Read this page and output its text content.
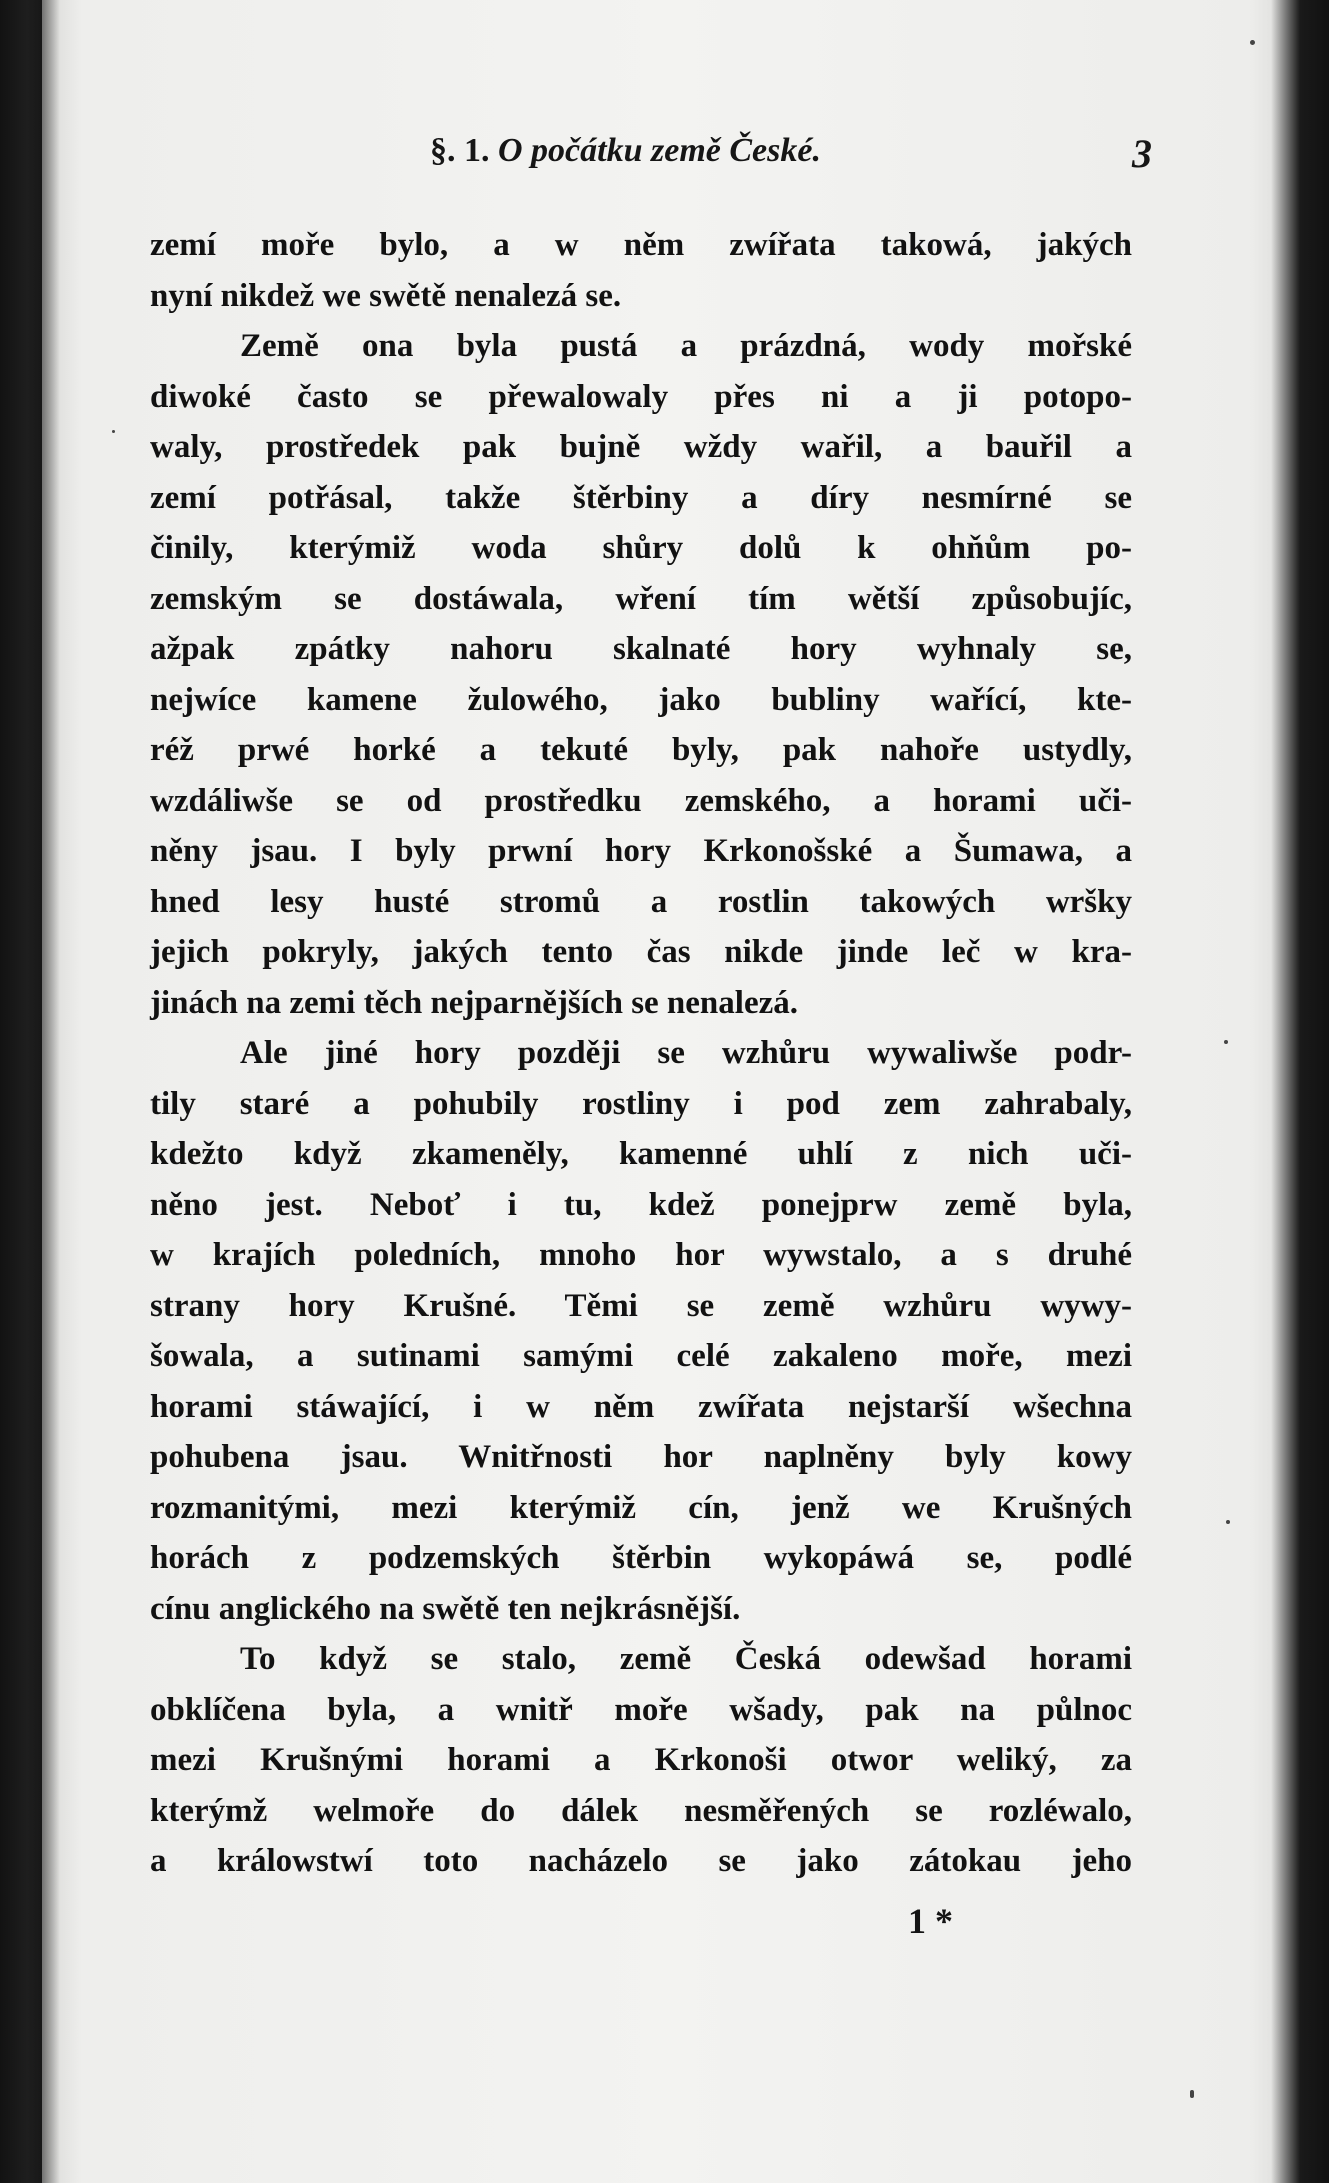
§. 1. O počátku země České.	3
zemí moře bylo, a w něm zwířata takowá, jakých
nyní nikdež we swětě nenalezá se.
Země ona byla pustá a prázdná, wody mořské
diwoké často se přewalowaly přes ni a ji potopo-
waly, prostředek pak bujně wždy wařil, a bauřil a
zemí potřásal, takže štěrbiny a díry nesmírné se
činily, kterýmiž woda shůry dolů k ohňům po-
zemským se dostáwala, wření tím wětší způsobujíc,
ažpak zpátky nahoru skalnaté hory wyhnaly se,
nejwíce kamene žulowého, jako bubliny wařící, kte-
réž prwé horké a tekuté byly, pak nahoře ustydly,
wzdáliwše se od prostředku zemského, a horami uči-
něny jsau. I byly prwní hory Krkonošské a Šumawa, a
hned lesy husté stromů a rostlin takowých wršky
jejich pokryly, jakých tento čas nikde jinde leč w kra-
jinách na zemi těch nejparnějších se nenalezá.
Ale jiné hory později se wzhůru wywaliwše podr-
tily staré a pohubily rostliny i pod zem zahrabaly,
kdežto když zkameněly, kamenné uhlí z nich uči-
něno jest. Neboť i tu, kdež ponejprw země byla,
w krajích poledních, mnoho hor wywstalo, a s druhé
strany hory Krušné. Těmi se země wzhůru wywy-
šowala, a sutinami samými celé zakaleno moře, mezi
horami stáwající, i w něm zwířata nejstarší wšechna
pohubena jsau. Wnitřnosti hor naplněny byly kowy
rozmanitými, mezi kterýmiž cín, jenž we Krušných
horách z podzemských štěrbin wykopáwá se, podlé
cínu anglického na swětě ten nejkrásnější.
To když se stalo, země Česká odewšad horami
obklíčena byla, a wnitř moře wšady, pak na půlnoc
mezi Krušnými horami a Krkonoši otwor weliký, za
kterýmž welmoře do dálek nesměřených se rozléwalo,
a králowstwí toto nacházelo se jako zátokau jeho
1 *
